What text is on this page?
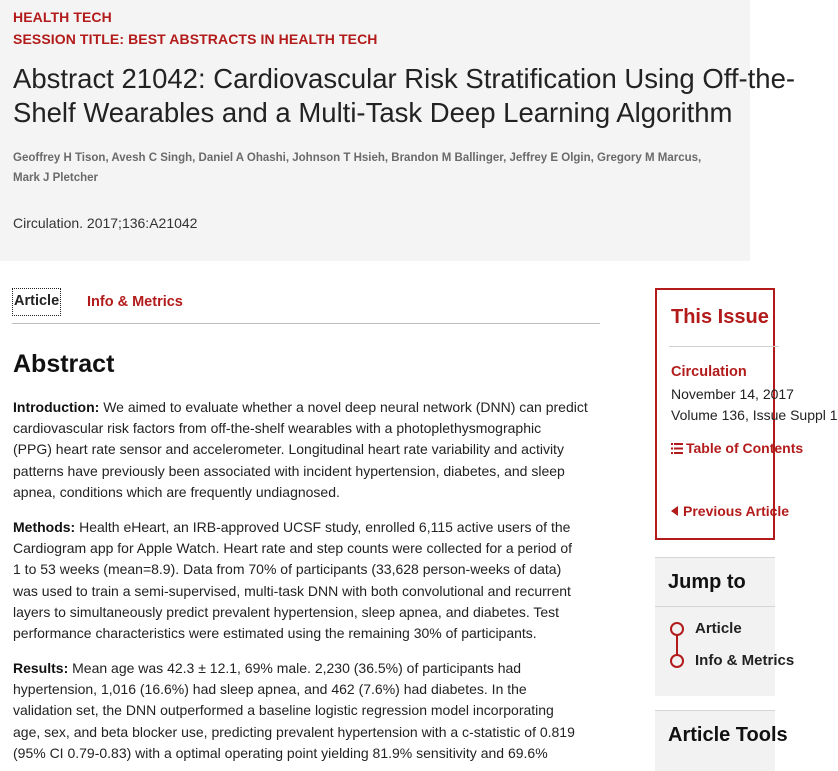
HEALTH TECH
SESSION TITLE: BEST ABSTRACTS IN HEALTH TECH
Abstract 21042: Cardiovascular Risk Stratification Using Off-the-
Shelf Wearables and a Multi-Task Deep Learning Algorithm
Geoffrey H Tison, Avesh C Singh, Daniel A Ohashi, Johnson T Hsieh, Brandon M Ballinger, Jeffrey E Olgin, Gregory M Marcus,
Mark J Pletcher
Circulation. 2017;136:A21042
Article Info & Metrics
Abstract
Introduction: We aimed to evaluate whether a novel deep neural network (DNN) can predict
cardiovascular risk factors from off-the-shelf wearables with a photoplethysmographic
(PPG) heart rate sensor and accelerometer. Longitudinal heart rate variability and activity
patterns have previously been associated with incident hypertension, diabetes, and sleep
apnea, conditions which are frequently undiagnosed.
Methods: Health eHeart, an IRB-approved UCSF study, enrolled 6,115 active users of the
Cardiogram app for Apple Watch. Heart rate and step counts were collected for a period of
1 to 53 weeks (mean=8.9). Data from 70% of participants (33,628 person-weeks of data)
was used to train a semi-supervised, multi-task DNN with both convolutional and recurrent
layers to simultaneously predict prevalent hypertension, sleep apnea, and diabetes. Test
performance characteristics were estimated using the remaining 30% of participants.
Results: Mean age was 42.3 ± 12.1, 69% male. 2,230 (36.5%) of participants had
hypertension, 1,016 (16.6%) had sleep apnea, and 462 (7.6%) had diabetes. In the
validation set, the DNN outperformed a baseline logistic regression model incorporating
age, sex, and beta blocker use, predicting prevalent hypertension with a c-statistic of 0.819
(95% CI 0.79-0.83) with a optimal operating point yielding 81.9% sensitivity and 69.6%
This Issue
Circulation
November 14, 2017
Volume 136, Issue Suppl 1
Table of Contents
Previous Article
Jump to
Article
Info & Metrics
Article Tools
